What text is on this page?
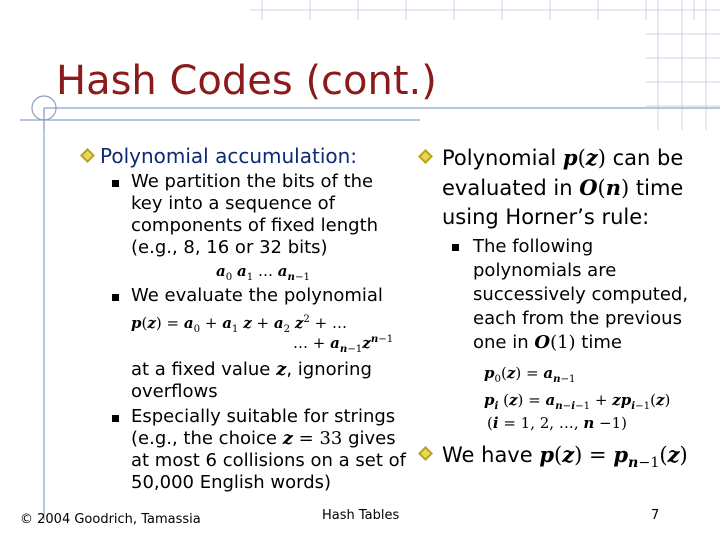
Hash Codes (cont.)
Polynomial accumulation:
We partition the bits of the
key into a sequence of
components of fixed length
(e.g., 8, 16 or 32 bits)
$a_0$ $a_1$ … $a_{n-1}$
We evaluate the polynomial
$p(z) = a_0 + a_1$ $z + a_2$ $z^2$ + …
… + $a_{n-1}z^{n-1}$
at a fixed value z, ignoring
overflows
Especially suitable for strings
(e.g., the choice z = 33 gives
at most 6 collisions on a set of
50,000 English words)
Polynomial p(z) can be
evaluated in O(n) time
using Horner’s rule:
The following
polynomials are
successively computed,
each from the previous
one in O(1) time
$p_0(z) = a_{n-1}$
$p_i$ $(z) = a_{n-i-1} + zp_{i-1}(z)$
(i = 1, 2, …, n −1)
We have $p(z) = p_{n-1}(z)$
© 2004 Goodrich, Tamassia	Hash Tables	7
